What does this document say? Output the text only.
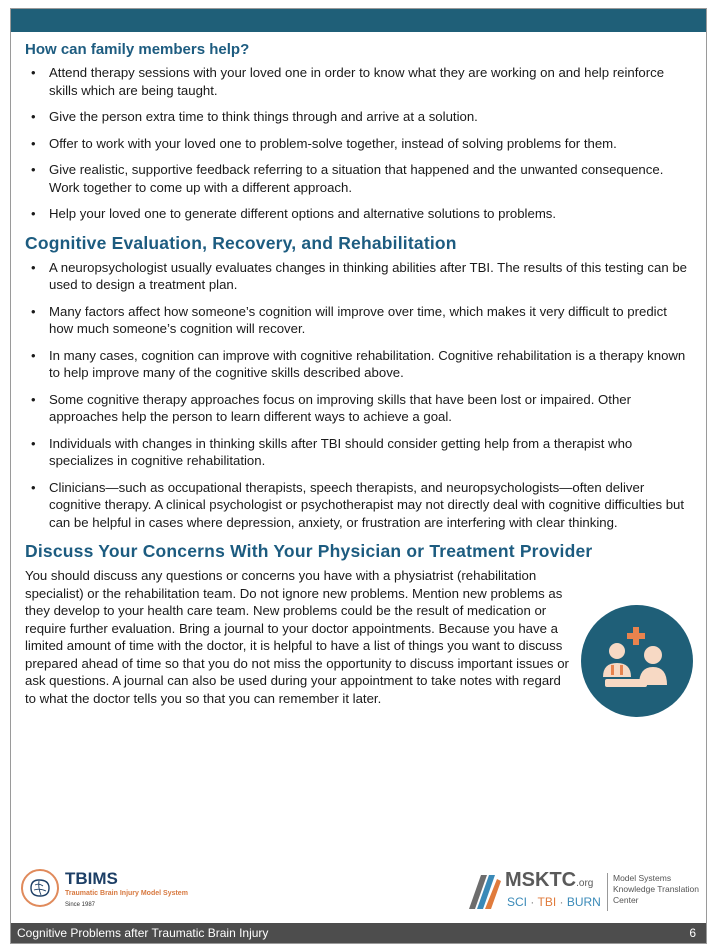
How can family members help?
• Attend therapy sessions with your loved one in order to know what they are working on and help reinforce skills which are being taught.
• Give the person extra time to think things through and arrive at a solution.
• Offer to work with your loved one to problem-solve together, instead of solving problems for them.
• Give realistic, supportive feedback referring to a situation that happened and the unwanted consequence. Work together to come up with a different approach.
• Help your loved one to generate different options and alternative solutions to problems.
Cognitive Evaluation, Recovery, and Rehabilitation
• A neuropsychologist usually evaluates changes in thinking abilities after TBI. The results of this testing can be used to design a treatment plan.
• Many factors affect how someone’s cognition will improve over time, which makes it very difficult to predict how much someone’s cognition will recover.
• In many cases, cognition can improve with cognitive rehabilitation. Cognitive rehabilitation is a therapy known to help improve many of the cognitive skills described above.
• Some cognitive therapy approaches focus on improving skills that have been lost or impaired. Other approaches help the person to learn different ways to achieve a goal.
• Individuals with changes in thinking skills after TBI should consider getting help from a therapist who specializes in cognitive rehabilitation.
• Clinicians—such as occupational therapists, speech therapists, and neuropsychologists—often deliver cognitive therapy. A clinical psychologist or psychotherapist may not directly deal with cognitive difficulties but can be helpful in cases where depression, anxiety, or frustration are interfering with clear thinking.
Discuss Your Concerns With Your Physician or Treatment Provider

You should discuss any questions or concerns you have with a physiatrist (rehabilitation specialist) or the rehabilitation team. Do not ignore new problems. Mention new problems as they develop to your health care team. New problems could be the result of medication or require further evaluation. Bring a journal to your doctor appointments. Because you have a limited amount of time with the doctor, it is helpful to have a list of things you want to discuss prepared ahead of time so that you do not miss the opportunity to discuss important issues or ask questions. A journal can also be used during your appointment to take notes with regard to what the doctor tells you so that you can remember it later.

TBIMS
Traumatic Brain Injury Model System
Since 1987
MSKTC.org
SCI · TBI · BURN
Model Systems
Knowledge Translation
Center
Cognitive Problems after Traumatic Brain Injury	6
